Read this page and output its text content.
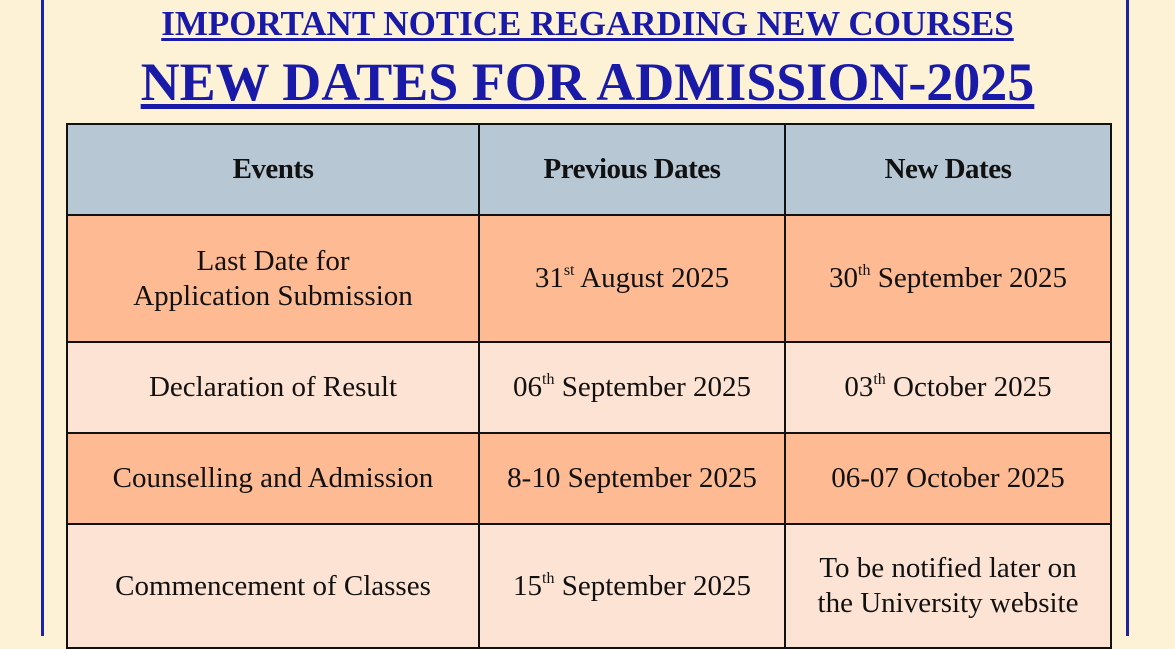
IMPORTANT NOTICE REGARDING NEW COURSES
NEW DATES FOR ADMISSION-2025
Events	Previous Dates	New Dates
Last Date for Application Submission	31st August 2025	30th September 2025
Declaration of Result	06th September 2025	03th October 2025
Counselling and Admission	8-10 September 2025	06-07 October 2025
Commencement of Classes	15th September 2025	To be notified later on the University website
